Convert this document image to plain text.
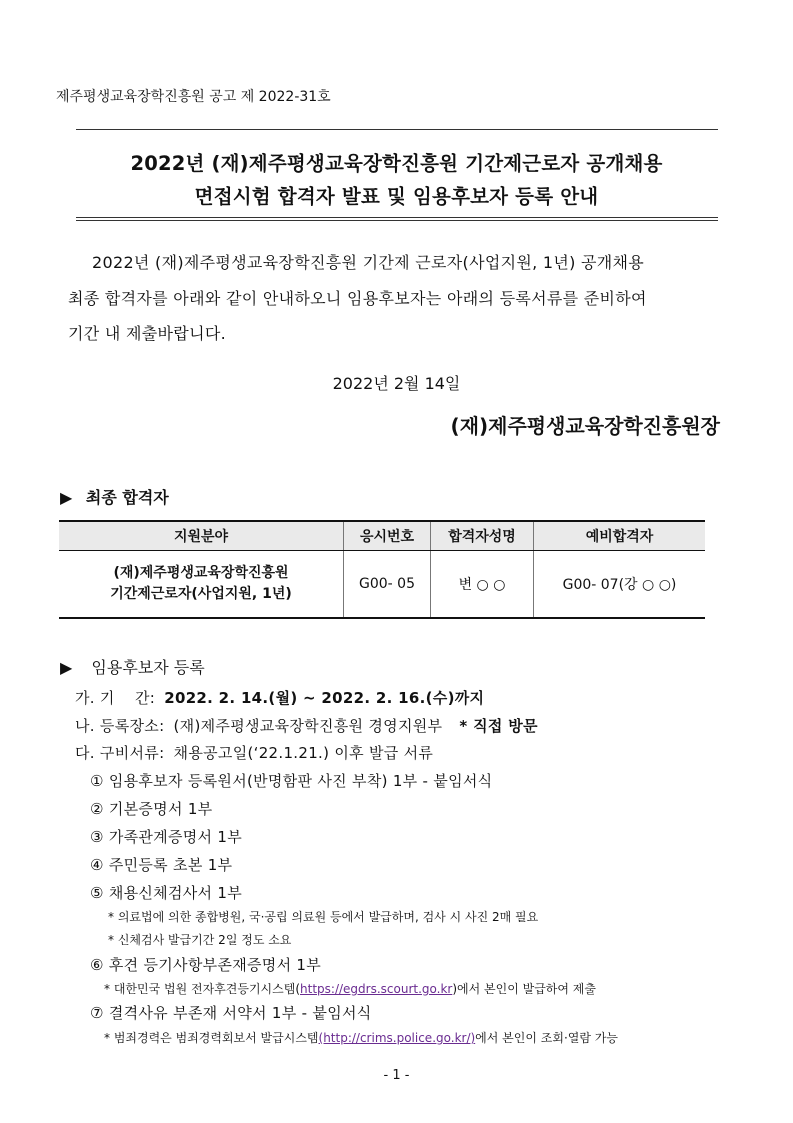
제주평생교육장학진흥원 공고 제 2022-31호
2022년 (재)제주평생교육장학진흥원 기간제근로자 공개채용
면접시험 합격자 발표 및 임용후보자 등록 안내
2022년 (재)제주평생교육장학진흥원 기간제 근로자(사업지원, 1년) 공개채용
최종 합격자를 아래와 같이 안내하오니 임용후보자는 아래의 등록서류를 준비하여
기간 내 제출바랍니다.
2022년 2월 14일
(재)제주평생교육장학진흥원장
▶ 최종 합격자
지원분야	응시번호	합격자성명	예비합격자

(재)제주평생교육장학진흥원
기간제근로자(사업지원, 1년)	G00- 05	변 ○ ○	G00- 07(강 ○ ○)
▶ 임용후보자 등록
가. 기    간: 2022. 2. 14.(월) ~ 2022. 2. 16.(수)까지
나. 등록장소: (재)제주평생교육장학진흥원 경영지원부 * 직접 방문
다. 구비서류: 채용공고일(‘22.1.21.) 이후 발급 서류
① 임용후보자 등록원서(반명함판 사진 부착) 1부 - 붙임서식
② 기본증명서 1부
③ 가족관계증명서 1부
④ 주민등록 초본 1부
⑤ 채용신체검사서 1부
* 의료법에 의한 종합병원, 국·공립 의료원 등에서 발급하며, 검사 시 사진 2매 필요
* 신체검사 발급기간 2일 정도 소요
⑥ 후견 등기사항부존재증명서 1부
* 대한민국 법원 전자후견등기시스템(https://egdrs.scourt.go.kr)에서 본인이 발급하여 제출
⑦ 결격사유 부존재 서약서 1부 - 붙임서식
* 범죄경력은 범죄경력회보서 발급시스템(http://crims.police.go.kr/)에서 본인이 조회·열람 가능
- 1 -
